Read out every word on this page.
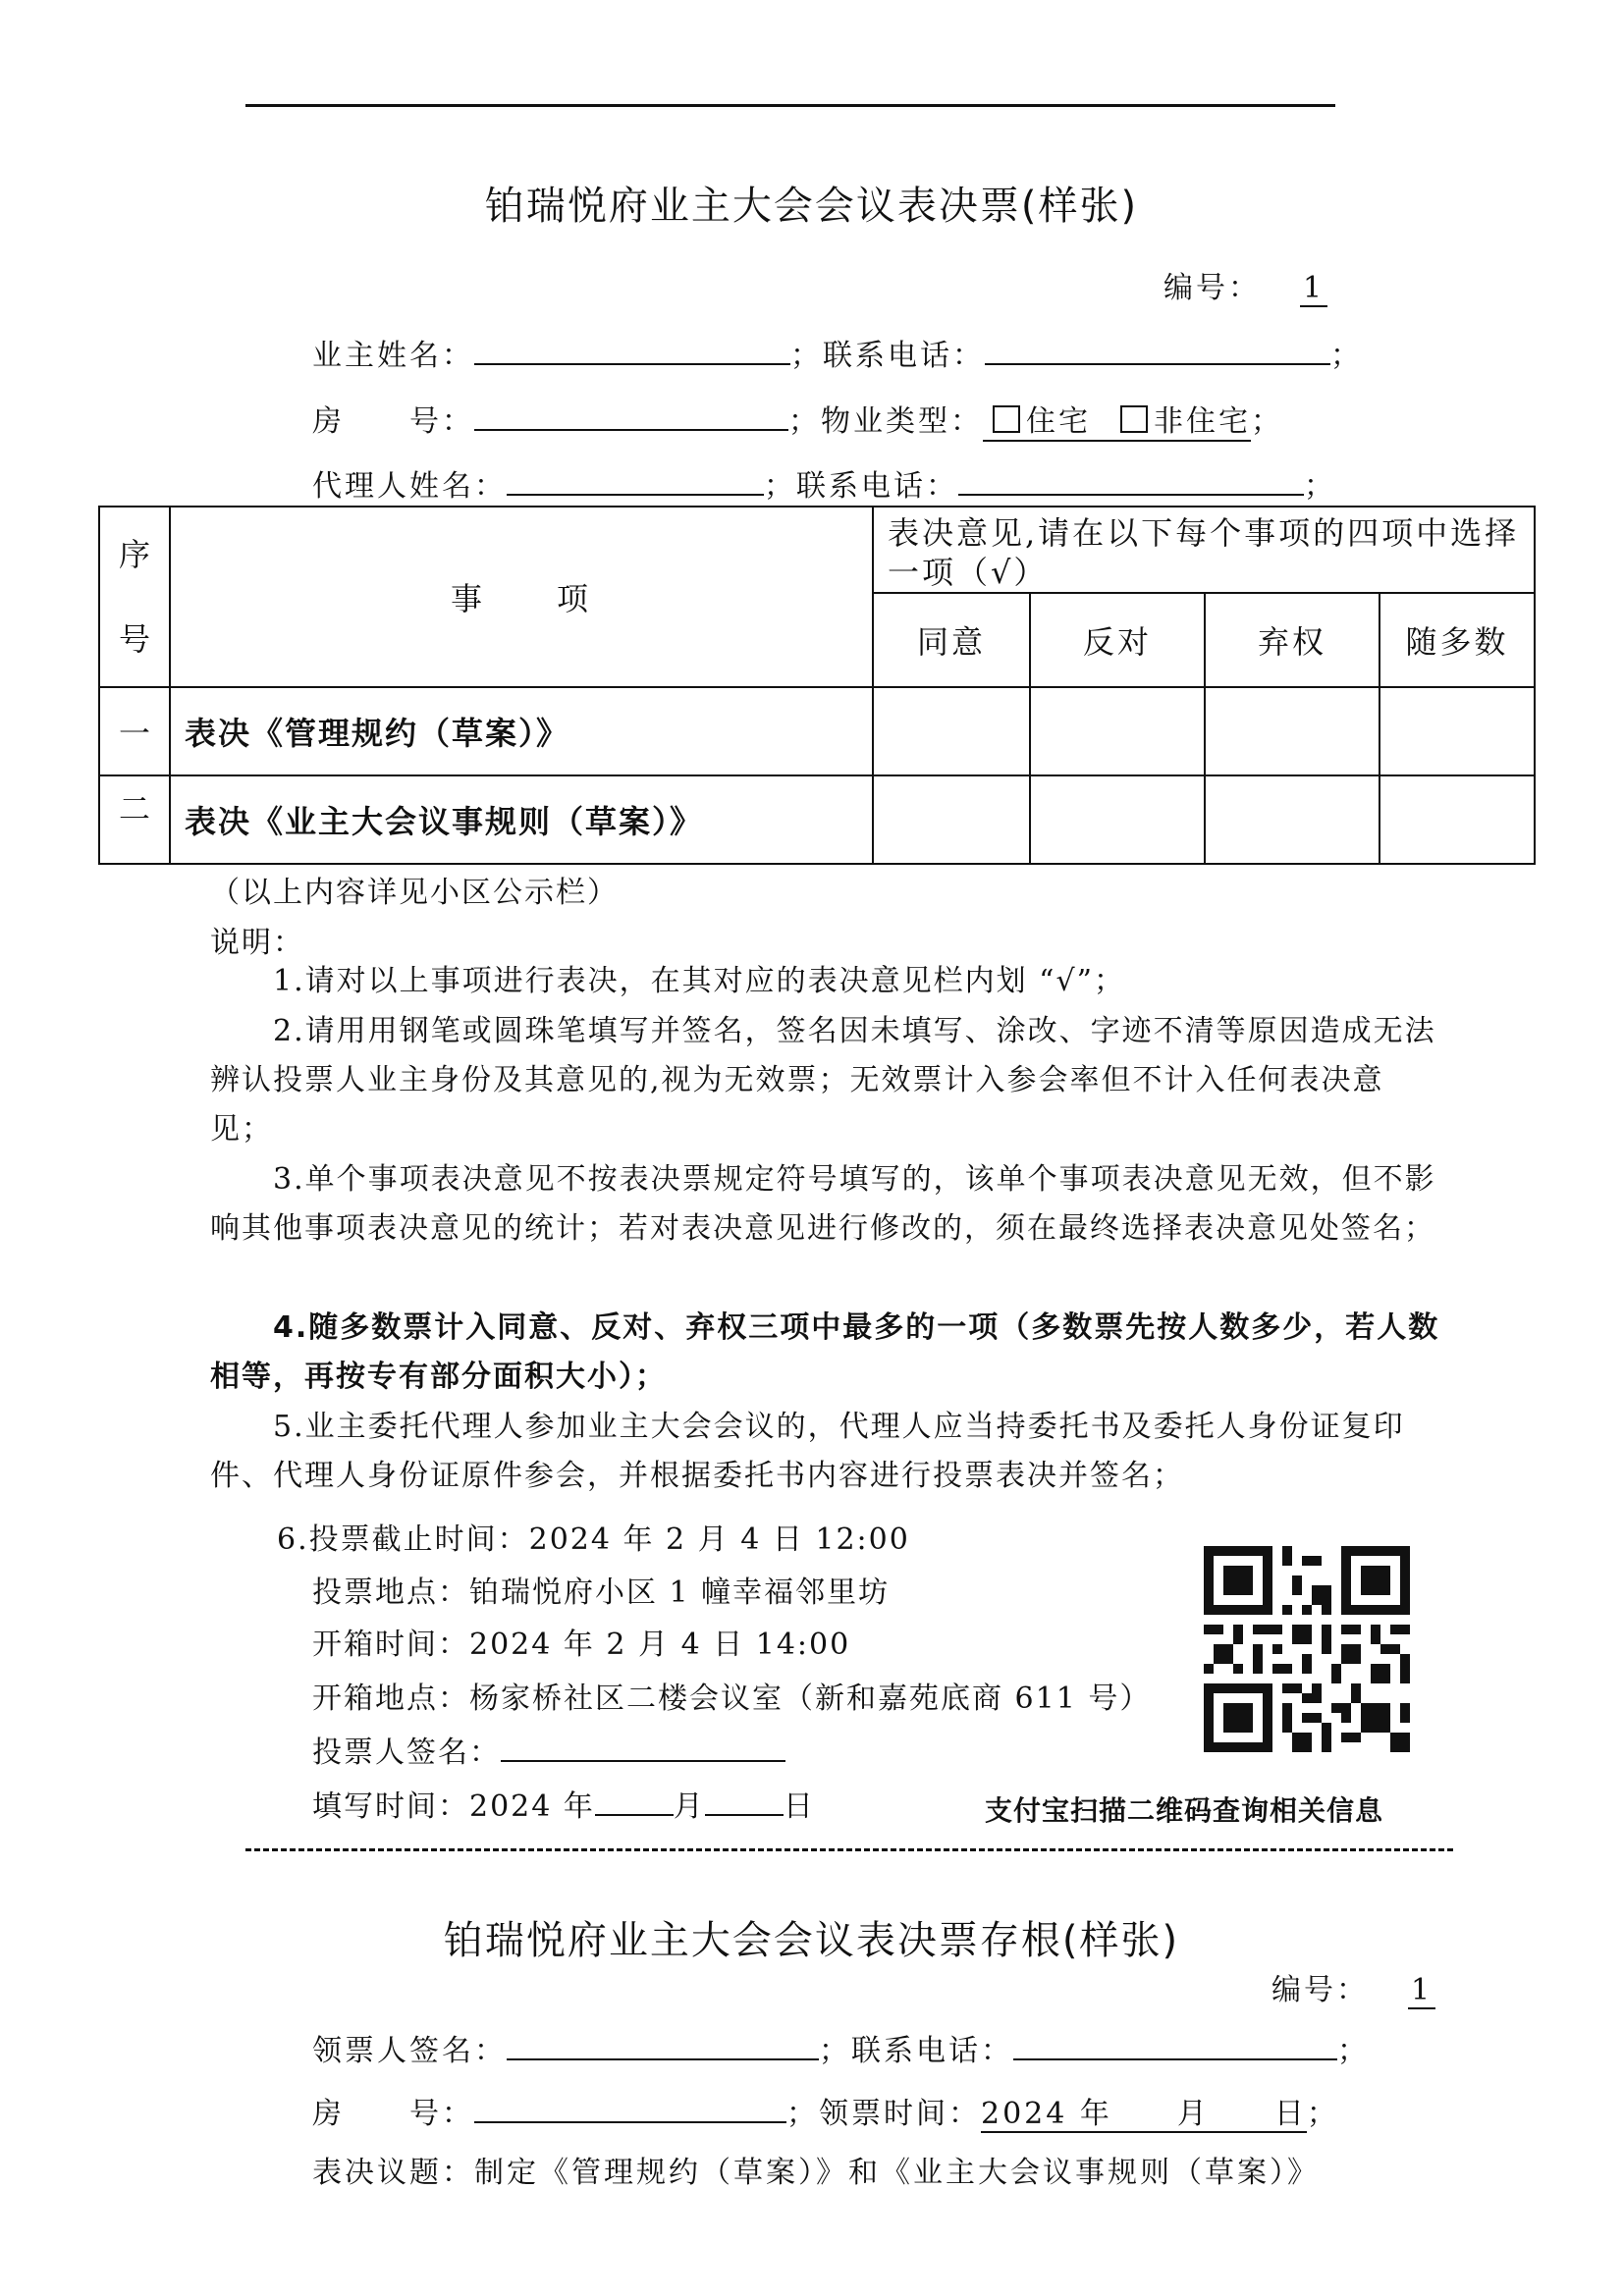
铂瑞悦府业主大会会议表决票(样张)
编号： 1
业主姓名：	；联系电话：	；
房　　号：	；物业类型： 住宅 非住宅；
代理人姓名：	；联系电话：	；
序号	事　　项	表决意见,请在以下每个事项的四项中选择一项（√）			
		同意	反对	弃权	随多数
一	表决《管理规约（草案）》				
二	表决《业主大会议事规则（草案）》				
（以上内容详见小区公示栏）
说明：
1.请对以上事项进行表决，在其对应的表决意见栏内划 “√”；
2.请用用钢笔或圆珠笔填写并签名，签名因未填写、涂改、字迹不清等原因造成无法辨认投票人业主身份及其意见的,视为无效票；无效票计入参会率但不计入任何表决意见；
3.单个事项表决意见不按表决票规定符号填写的，该单个事项表决意见无效，但不影响其他事项表决意见的统计；若对表决意见进行修改的，须在最终选择表决意见处签名；
4.随多数票计入同意、反对、弃权三项中最多的一项（多数票先按人数多少，若人数相等，再按专有部分面积大小）；
5.业主委托代理人参加业主大会会议的，代理人应当持委托书及委托人身份证复印件、代理人身份证原件参会，并根据委托书内容进行投票表决并签名；
6.投票截止时间：2024 年 2 月 4 日 12:00
投票地点：铂瑞悦府小区 1 幢幸福邻里坊
开箱时间：2024 年 2 月 4 日 14:00
开箱地点：杨家桥社区二楼会议室（新和嘉苑底商 611 号）
投票人签名：
填写时间：2024 年	月	日	支付宝扫描二维码查询相关信息
铂瑞悦府业主大会会议表决票存根(样张)
编号： 1
领票人签名：	；联系电话：	；
房　　号：	；领票时间：2024 年　　月　　日；
表决议题：制定《管理规约（草案）》和《业主大会议事规则（草案）》
